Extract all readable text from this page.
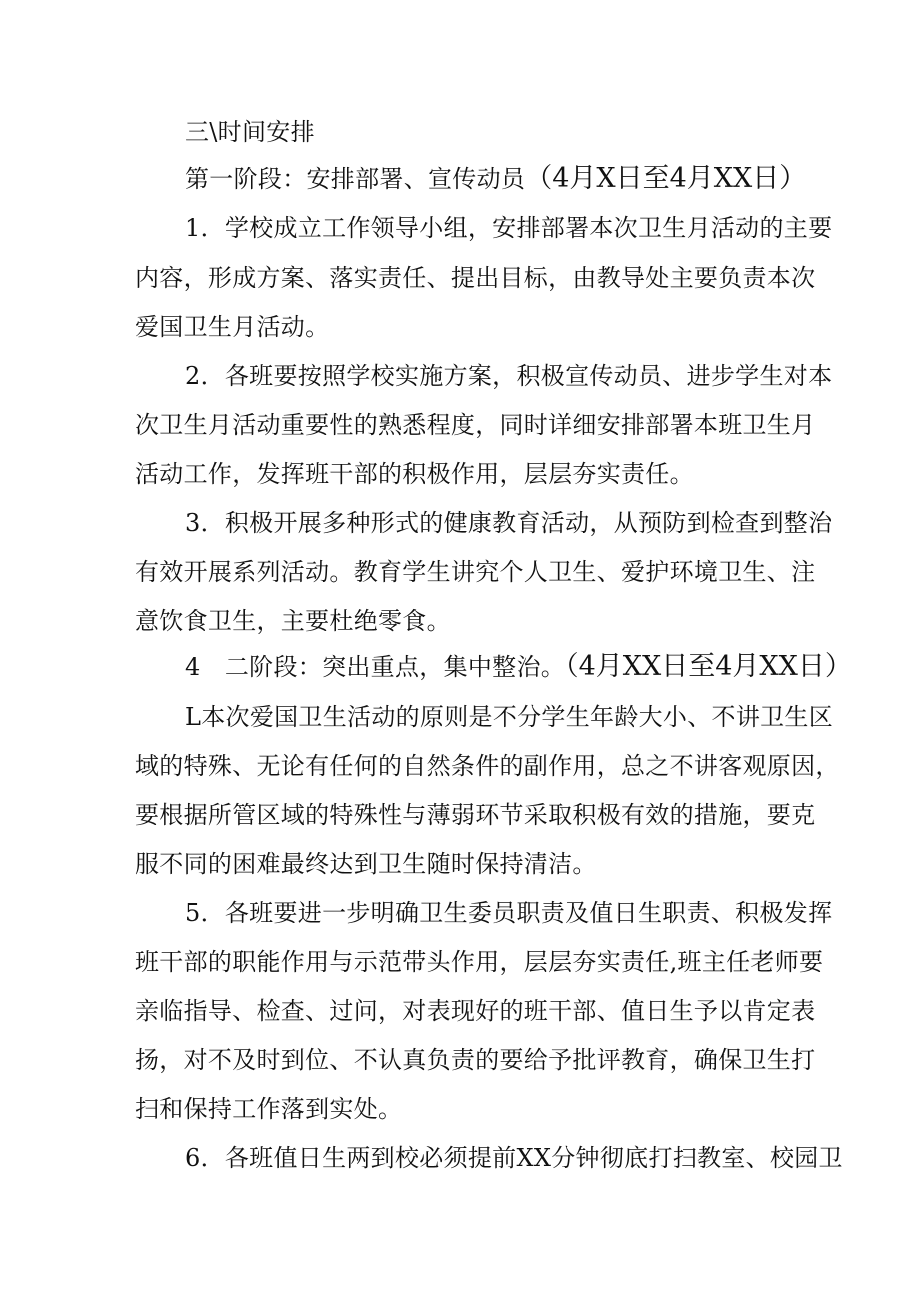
三\时间安排

第一阶段：安排部署、宣传动员（4月X日至4月XX日）

1．学校成立工作领导小组，安排部署本次卫生月活动的主要

内容，形成方案、落实责任、提出目标，由教导处主要负责本次

爱国卫生月活动。

2．各班要按照学校实施方案，积极宣传动员、进步学生对本

次卫生月活动重要性的熟悉程度，同时详细安排部署本班卫生月

活动工作，发挥班干部的积极作用，层层夯实责任。

3．积极开展多种形式的健康教育活动，从预防到检查到整治

有效开展系列活动。教育学生讲究个人卫生、爱护环境卫生、注

意饮食卫生，主要杜绝零食。

4　二阶段：突出重点，集中整治。（4月XX日至4月XX日）

L本次爱国卫生活动的原则是不分学生年龄大小、不讲卫生区

域的特殊、无论有任何的自然条件的副作用，总之不讲客观原因，

要根据所管区域的特殊性与薄弱环节采取积极有效的措施，要克

服不同的困难最终达到卫生随时保持清洁。

5．各班要进一步明确卫生委员职责及值日生职责、积极发挥

班干部的职能作用与示范带头作用，层层夯实责任,班主任老师要

亲临指导、检查、过问，对表现好的班干部、值日生予以肯定表

扬，对不及时到位、不认真负责的要给予批评教育，确保卫生打

扫和保持工作落到实处。

6．各班值日生两到校必须提前XX分钟彻底打扫教室、校园卫
